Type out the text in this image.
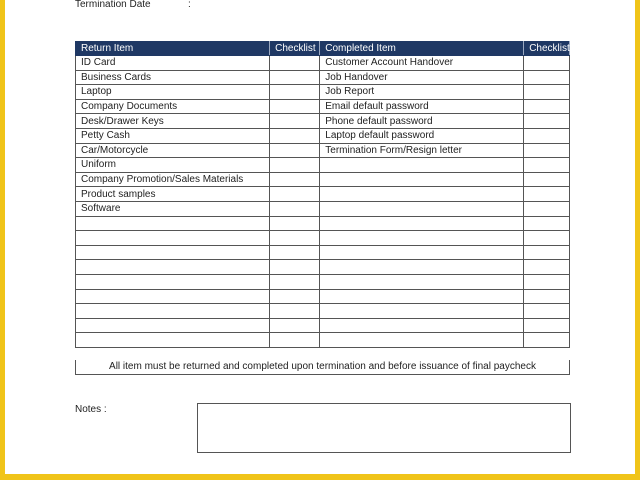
Termination Date	:
Return Item	Checklist	Completed Item	Checklist
ID Card		Customer Account Handover	
Business Cards		Job Handover	
Laptop		Job Report	
Company Documents		Email default password	
Desk/Drawer Keys		Phone default password	
Petty Cash		Laptop default password	
Car/Motorcycle		Termination Form/Resign letter	
Uniform			
Company Promotion/Sales Materials			
Product samples			
Software			

All item must be returned and completed upon termination and before issuance of final paycheck
Notes :
